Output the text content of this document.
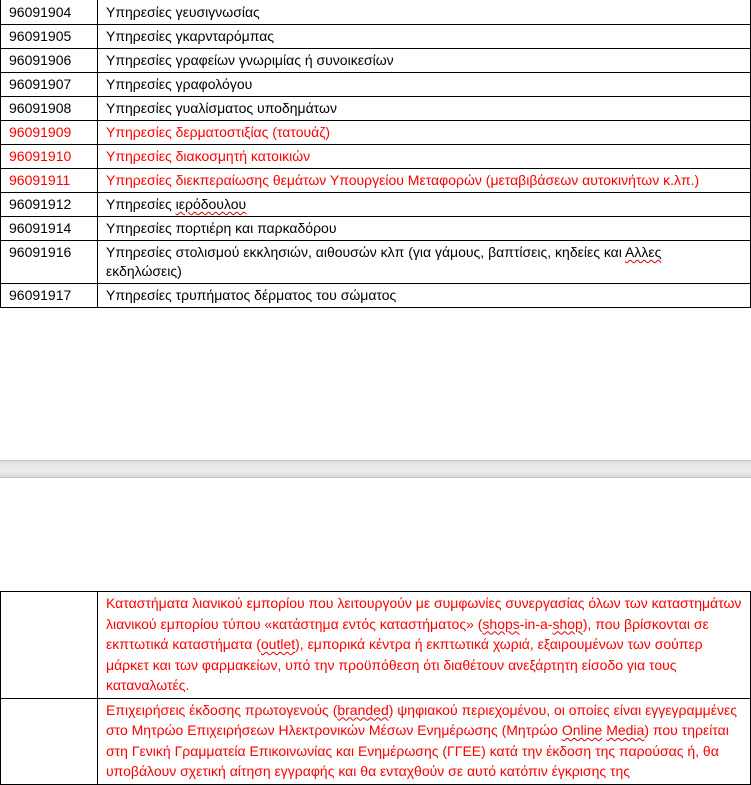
96091904	Υπηρεσίες γευσιγνωσίας
96091905	Υπηρεσίες γκαρνταρόμπας
96091906	Υπηρεσίες γραφείων γνωριμίας ή συνοικεσίων
96091907	Υπηρεσίες γραφολόγου
96091908	Υπηρεσίες γυαλίσματος υποδημάτων
96091909	Υπηρεσίες δερματοστιξίας (τατουάζ)
96091910	Υπηρεσίες διακοσμητή κατοικιών
96091911	Υπηρεσίες διεκπεραίωσης θεμάτων Υπουργείου Μεταφορών (μεταβιβάσεων αυτοκινήτων κ.λπ.)
96091912	Υπηρεσίες ιερόδουλου
96091914	Υπηρεσίες πορτιέρη και παρκαδόρου
96091916	Υπηρεσίες στολισμού εκκλησιών, αιθουσών κλπ (για γάμους, βαπτίσεις, κηδείες και Αλλες
εκδηλώσεις)
96091917	Υπηρεσίες τρυπήματος δέρματος του σώματος
	Καταστήματα λιανικού εμπορίου που λειτουργούν με συμφωνίες συνεργασίας όλων των καταστημάτων λιανικού εμπορίου τύπου «κατάστημα εντός καταστήματος» (shops-in-a-shop), που βρίσκονται σε εκπτωτικά καταστήματα (outlet), εμπορικά κέντρα ή εκπτωτικά χωριά, εξαιρουμένων των σούπερ μάρκετ και των φαρμακείων, υπό την προϋπόθεση ότι διαθέτουν ανεξάρτητη είσοδο για τους καταναλωτές.
	Επιχειρήσεις έκδοσης πρωτογενούς (branded) ψηφιακού περιεχομένου, οι οποίες είναι εγγεγραμμένες στο Μητρώο Επιχειρήσεων Ηλεκτρονικών Μέσων Ενημέρωσης (Μητρώο Online Media) που τηρείται στη Γενική Γραμματεία Επικοινωνίας και Ενημέρωσης (ΓΓΕΕ) κατά την έκδοση της παρούσας ή, θα υποβάλουν σχετική αίτηση εγγραφής και θα ενταχθούν σε αυτό κατόπιν έγκρισης της
